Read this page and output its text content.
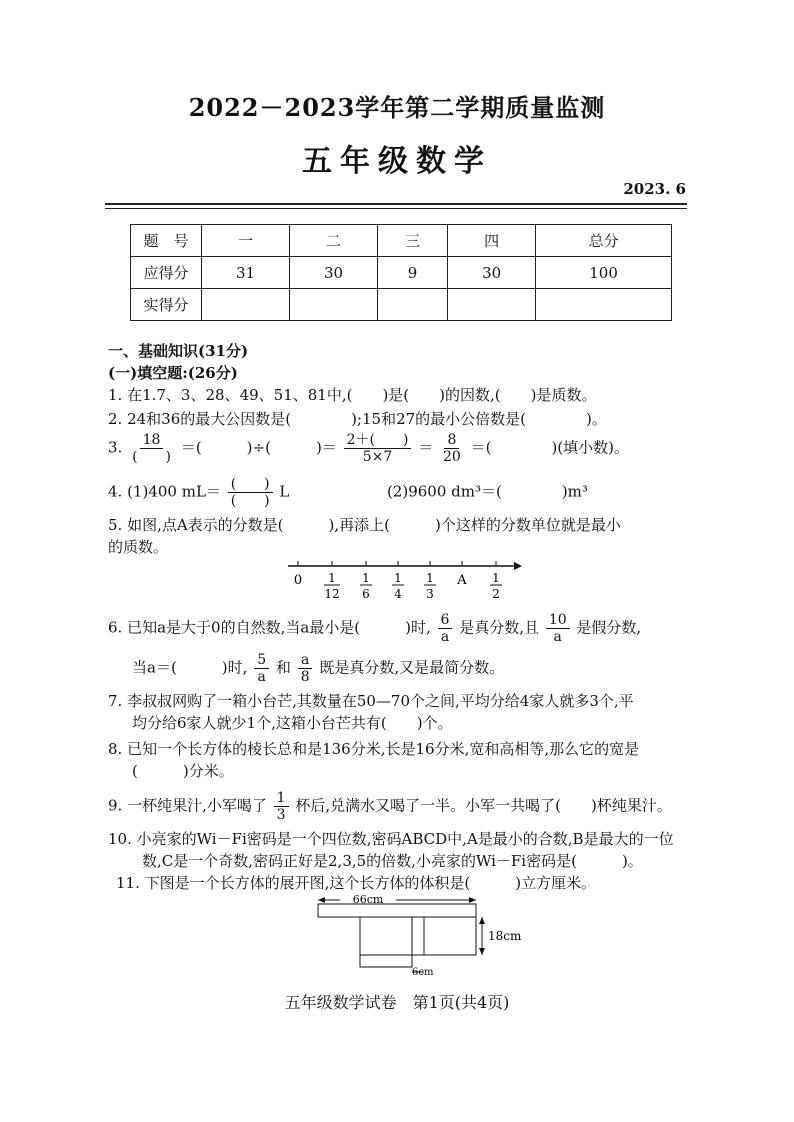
2022－2023学年第二学期质量监测
五年级数学
2023. 6
题　号	一	二	三	四	总分
应得分	31	30	9	30	100
实得分					
一、基础知识(31分)
(一)填空题:(26分)
1. 在1.7、3、28、49、51、81中,(　　)是(　　)的因数,(　　)是质数。
2. 24和36的最大公因数是(　　　　);15和27的最小公倍数是(　　　　)。
3. $\frac{18}{( )}$ ＝(　　　)÷(　　　)＝ $\frac{2+( )}{5\times 7} = \frac{8}{20}$ ＝(　　　　)(填小数)。
4. (1)400 $mL= \frac{( )}{( )}$ L	(2)9600 dm³＝(　　　　)m³
5. 如图,点A表示的分数是(　　　),再添上(　　　)个这样的分数单位就是最小
的质数。
0 1
12
1
6
1
4
1
3
A 1
2
6. 已知a是大于0的自然数,当a最小是(　　　)时, $\frac{6}{a}$ 是真分数,且 $\frac{10}{a}$ 是假分数,
当a＝(　　　)时, $\frac{5}{a}$ 和 $\frac{a}{8}$ 既是真分数,又是最简分数。
7. 李叔叔网购了一箱小台芒,其数量在50—70个之间,平均分给4家人就多3个,平
均分给6家人就少1个,这箱小台芒共有(　　)个。
8. 已知一个长方体的棱长总和是136分米,长是16分米,宽和高相等,那么它的宽是
(　　　)分米。
9. 一杯纯果汁,小军喝了 $\frac{1}{3}$ 杯后,兑满水又喝了一半。小军一共喝了(　　)杯纯果汁。
10. 小亮家的Wi－Fi密码是一个四位数,密码ABCD中,A是最小的合数,B是最大的一位
数,C是一个奇数,密码正好是2,3,5的倍数,小亮家的Wi－Fi密码是(　　　)。
11. 下图是一个长方体的展开图,这个长方体的体积是(　　　)立方厘米。
66cm
18cm
6cm
五年级数学试卷　第1页(共4页)
